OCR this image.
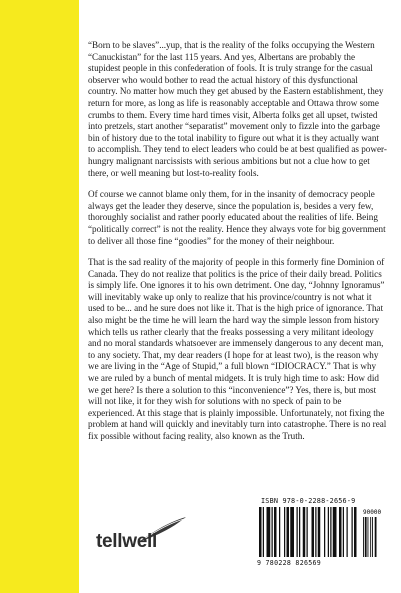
“Born to be slaves”...yup, that is the reality of the folks occupying the Western “Canuckistan” for the last 115 years. And yes, Albertans are probably the stupidest people in this confederation of fools. It is truly strange for the casual observer who would bother to read the actual history of this dysfunctional country. No matter how much they get abused by the Eastern establishment, they return for more, as long as life is reasonably acceptable and Ottawa throw some crumbs to them. Every time hard times visit, Alberta folks get all upset, twisted into pretzels, start another “separatist” movement only to fizzle into the garbage bin of history due to the total inability to figure out what it is they actually want to accomplish. They tend to elect leaders who could be at best qualified as power-hungry malignant narcissists with serious ambitions but not a clue how to get there, or well meaning but lost-to-reality fools.

Of course we cannot blame only them, for in the insanity of democracy people always get the leader they deserve, since the population is, besides a very few, thoroughly socialist and rather poorly educated about the realities of life. Being “politically correct” is not the reality. Hence they always vote for big government to deliver all those fine “goodies” for the money of their neighbour.

That is the sad reality of the majority of people in this formerly fine Dominion of Canada. They do not realize that politics is the price of their daily bread. Politics is simply life. One ignores it to his own detriment. One day, “Johnny Ignoramus” will inevitably wake up only to realize that his province/country is not what it used to be... and he sure does not like it. That is the high price of ignorance. That also might be the time he will learn the hard way the simple lesson from history which tells us rather clearly that the freaks possessing a very militant ideology and no moral standards whatsoever are immensely dangerous to any decent man, to any society. That, my dear readers (I hope for at least two), is the reason why we are living in the “Age of Stupid,” a full blown “IDIOCRACY.” That is why we are ruled by a bunch of mental midgets. It is truly high time to ask: How did we get here? Is there a solution to this “inconvenience”? Yes, there is, but most will not like, it for they wish for solutions with no speck of pain to be experienced. At this stage that is plainly impossible. Unfortunately, not fixing the problem at hand will quickly and inevitably turn into catastrophe. There is no real fix possible without facing reality, also known as the Truth.

tellwell
ISBN 978-0-2288-2656-9
90000
9 780228 826569
